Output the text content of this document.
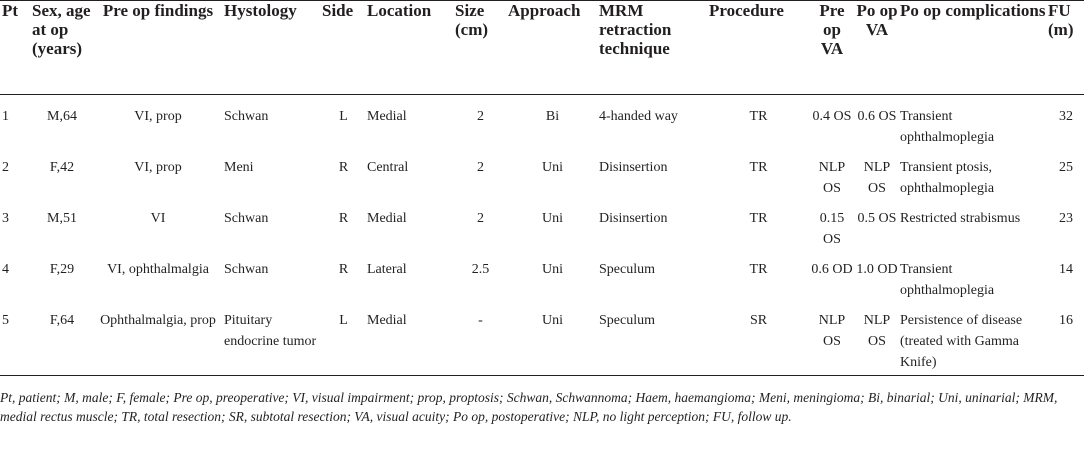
Pt	Sex, age at op (years)	Pre op findings	Hystology	Side	Location	Size (cm)	Approach	MRM retraction technique	Procedure	Pre op VA	Po op VA	Po op complications	FU (m)
1	M,64	VI, prop	Schwan	L	Medial	2	Bi	4-handed way	TR	0.4 OS	0.6 OS	Transient ophthalmoplegia	32
2	F,42	VI, prop	Meni	R	Central	2	Uni	Disinsertion	TR	NLP OS	NLP OS	Transient ptosis, ophthalmoplegia	25
3	M,51	VI	Schwan	R	Medial	2	Uni	Disinsertion	TR	0.15 OS	0.5 OS	Restricted strabismus	23
4	F,29	VI, ophthalmalgia	Schwan	R	Lateral	2.5	Uni	Speculum	TR	0.6 OD	1.0 OD	Transient ophthalmoplegia	14
5	F,64	Ophthalmalgia, prop	Pituitary endocrine tumor	L	Medial	-	Uni	Speculum	SR	NLP OS	NLP OS	Persistence of disease (treated with Gamma Knife)	16
Pt, patient; M, male; F, female; Pre op, preoperative; VI, visual impairment; prop, proptosis; Schwan, Schwannoma; Haem, haemangioma; Meni, meningioma; Bi, binarial; Uni, uninarial; MRM, medial rectus muscle; TR, total resection; SR, subtotal resection; VA, visual acuity; Po op, postoperative; NLP, no light perception; FU, follow up.
